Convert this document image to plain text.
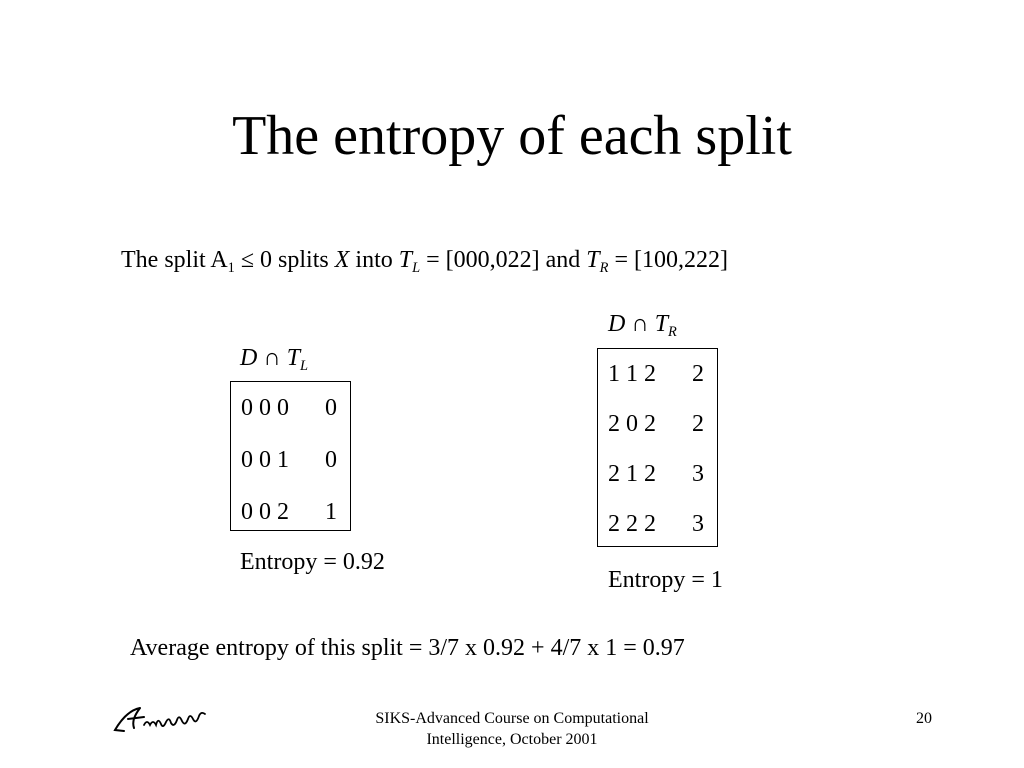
The entropy of each split
The split $A_1 \le 0$ splits X into $T_L = [000,022]$ and $T_R = [100,222]$
D ∩ $T_L$
0 0 0 0
0 0 1 0
0 0 2 1
Entropy = 0.92
D ∩ $T_R$
1 1 2 2
2 0 2 2
2 1 2 3
2 2 2 3
Entropy = 1
Average entropy of this split = 3/7 x 0.92 + 4/7 x 1 = 0.97
SIKS-Advanced Course on Computational Intelligence, October 2001
20
